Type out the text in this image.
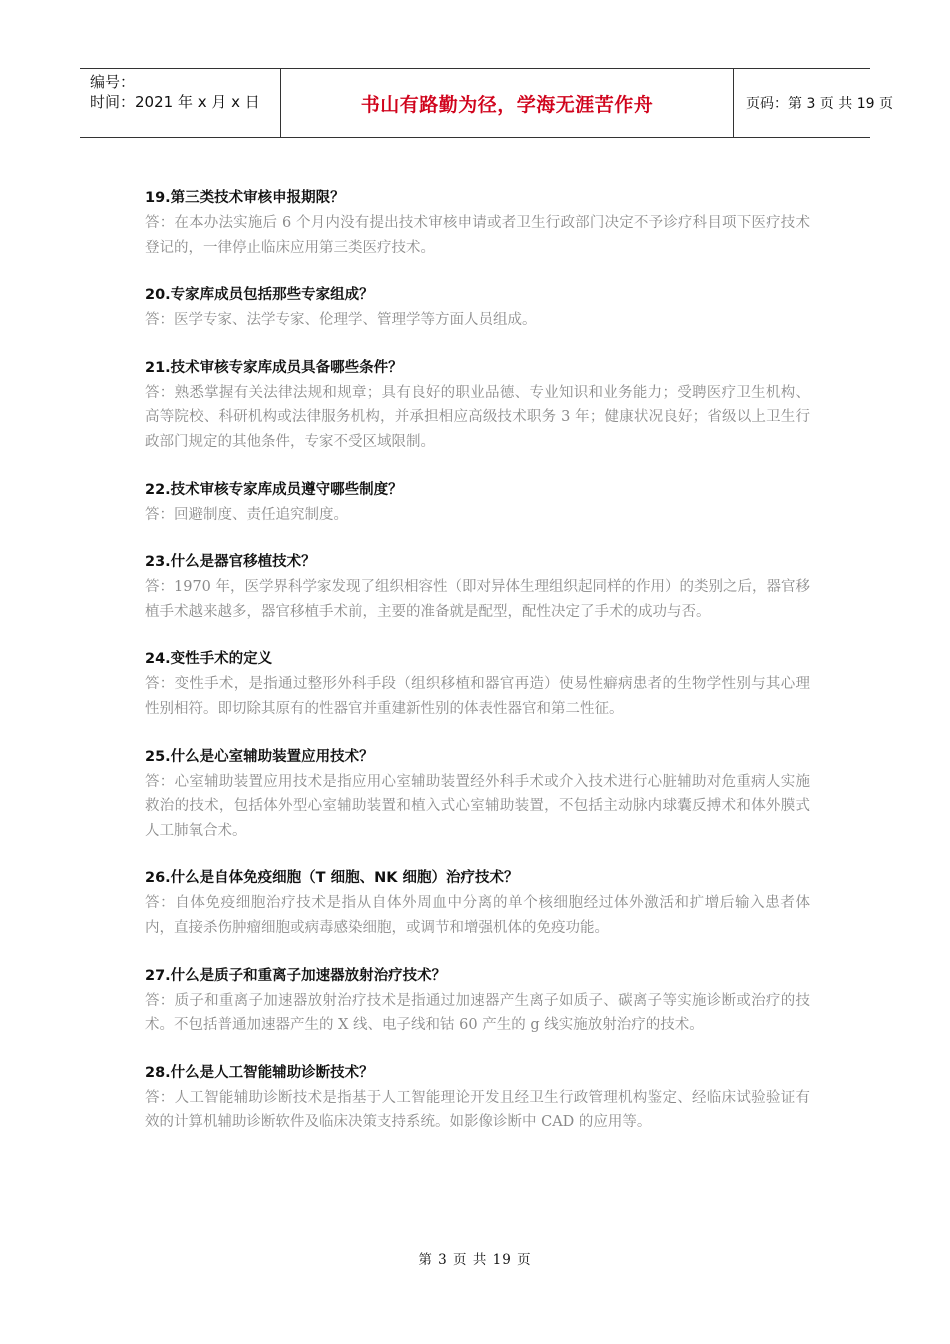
编号：
时间：2021 年 x 月 x 日	书山有路勤为径，学海无涯苦作舟	页码：第 3 页 共 19 页
19.第三类技术审核申报期限？
答：在本办法实施后 6 个月内没有提出技术审核申请或者卫生行政部门决定不予诊疗科目项下医疗技术登记的，一律停止临床应用第三类医疗技术。
20.专家库成员包括那些专家组成？
答：医学专家、法学专家、伦理学、管理学等方面人员组成。
21.技术审核专家库成员具备哪些条件？
答：熟悉掌握有关法律法规和规章；具有良好的职业品德、专业知识和业务能力；受聘医疗卫生机构、高等院校、科研机构或法律服务机构，并承担相应高级技术职务 3 年；健康状况良好；省级以上卫生行政部门规定的其他条件，专家不受区域限制。
22.技术审核专家库成员遵守哪些制度？
答：回避制度、责任追究制度。
23.什么是器官移植技术？
答：1970 年，医学界科学家发现了组织相容性（即对异体生理组织起同样的作用）的类别之后，器官移植手术越来越多，器官移植手术前，主要的准备就是配型，配性决定了手术的成功与否。
24.变性手术的定义
答：变性手术，是指通过整形外科手段（组织移植和器官再造）使易性癖病患者的生物学性别与其心理性别相符。即切除其原有的性器官并重建新性别的体表性器官和第二性征。
25.什么是心室辅助装置应用技术？
答：心室辅助装置应用技术是指应用心室辅助装置经外科手术或介入技术进行心脏辅助对危重病人实施救治的技术，包括体外型心室辅助装置和植入式心室辅助装置，不包括主动脉内球囊反搏术和体外膜式人工肺氧合术。
26.什么是自体免疫细胞（T 细胞、NK 细胞）治疗技术？
答：自体免疫细胞治疗技术是指从自体外周血中分离的单个核细胞经过体外激活和扩增后输入患者体内，直接杀伤肿瘤细胞或病毒感染细胞，或调节和增强机体的免疫功能。
27.什么是质子和重离子加速器放射治疗技术？
答：质子和重离子加速器放射治疗技术是指通过加速器产生离子如质子、碳离子等实施诊断或治疗的技术。不包括普通加速器产生的 X 线、电子线和钴 60 产生的 g 线实施放射治疗的技术。
28.什么是人工智能辅助诊断技术？
答：人工智能辅助诊断技术是指基于人工智能理论开发且经卫生行政管理机构鉴定、经临床试验验证有效的计算机辅助诊断软件及临床决策支持系统。如影像诊断中 CAD 的应用等。
第 3 页 共 19 页
